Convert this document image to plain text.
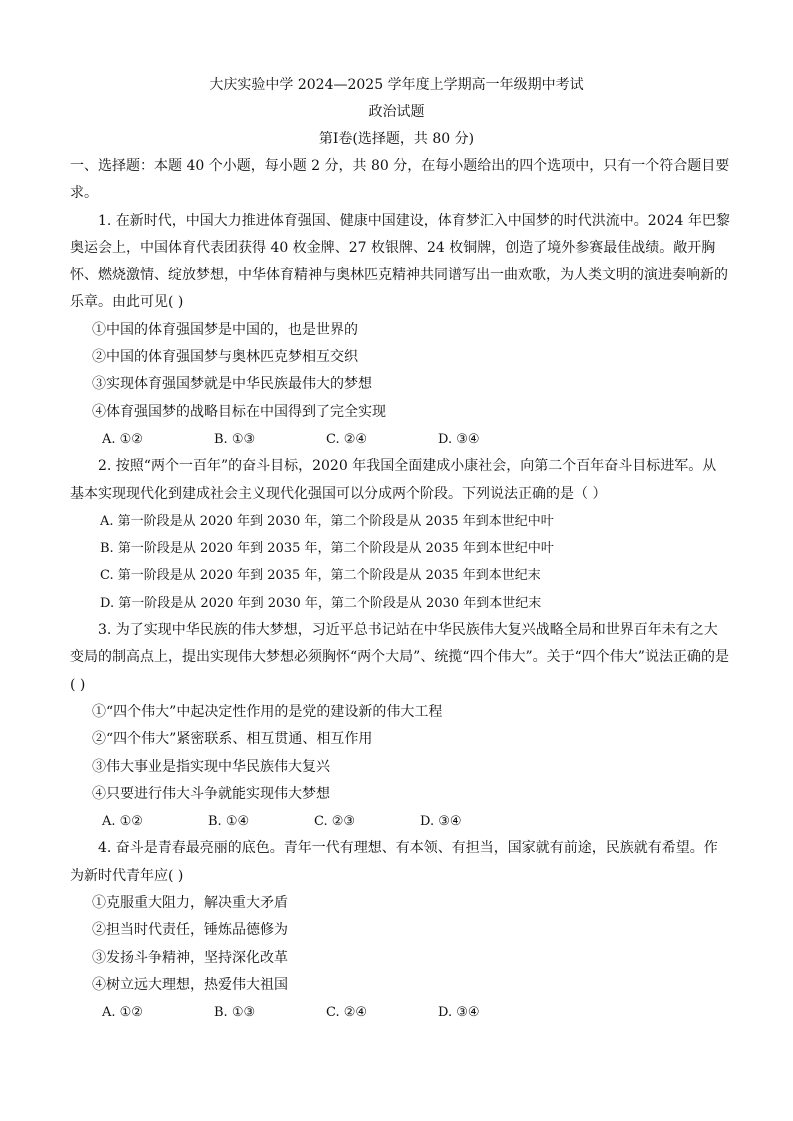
大庆实验中学 2024—2025 学年度上学期高一年级期中考试
政治试题
第Ⅰ卷(选择题，共 80 分)

一、选择题：本题 40 个小题，每小题 2 分，共 80 分，在每小题给出的四个选项中，只有一个符合题目要求。

1. 在新时代，中国大力推进体育强国、健康中国建设，体育梦汇入中国梦的时代洪流中。2024 年巴黎奥运会上，中国体育代表团获得 40 枚金牌、27 枚银牌、24 枚铜牌，创造了境外参赛最佳战绩。敞开胸怀、燃烧激情、绽放梦想，中华体育精神与奥林匹克精神共同谱写出一曲欢歌，为人类文明的演进奏响新的乐章。由此可见( )

①中国的体育强国梦是中国的，也是世界的
②中国的体育强国梦与奥林匹克梦相互交织
③实现体育强国梦就是中华民族最伟大的梦想
④体育强国梦的战略目标在中国得到了完全实现
A. ①②	B. ①③	C. ②④	D. ③④

2. 按照“两个一百年”的奋斗目标，2020 年我国全面建成小康社会，向第二个百年奋斗目标进军。从基本实现现代化到建成社会主义现代化强国可以分成两个阶段。下列说法正确的是（ ）

A. 第一阶段是从 2020 年到 2030 年，第二个阶段是从 2035 年到本世纪中叶
B. 第一阶段是从 2020 年到 2035 年，第二个阶段是从 2035 年到本世纪中叶
C. 第一阶段是从 2020 年到 2035 年，第二个阶段是从 2035 年到本世纪末
D. 第一阶段是从 2020 年到 2030 年，第二个阶段是从 2030 年到本世纪末

3. 为了实现中华民族的伟大梦想，习近平总书记站在中华民族伟大复兴战略全局和世界百年未有之大变局的制高点上，提出实现伟大梦想必须胸怀“两个大局”、统揽“四个伟大”。关于“四个伟大”说法正确的是( )

①“四个伟大”中起决定性作用的是党的建设新的伟大工程
②“四个伟大”紧密联系、相互贯通、相互作用
③伟大事业是指实现中华民族伟大复兴
④只要进行伟大斗争就能实现伟大梦想
A. ①②	B. ①④	C. ②③	D. ③④

4. 奋斗是青春最亮丽的底色。青年一代有理想、有本领、有担当，国家就有前途，民族就有希望。作为新时代青年应( )

①克服重大阻力，解决重大矛盾
②担当时代责任，锤炼品德修为
③发扬斗争精神，坚持深化改革
④树立远大理想，热爱伟大祖国
A. ①②	B. ①③	C. ②④	D. ③④
